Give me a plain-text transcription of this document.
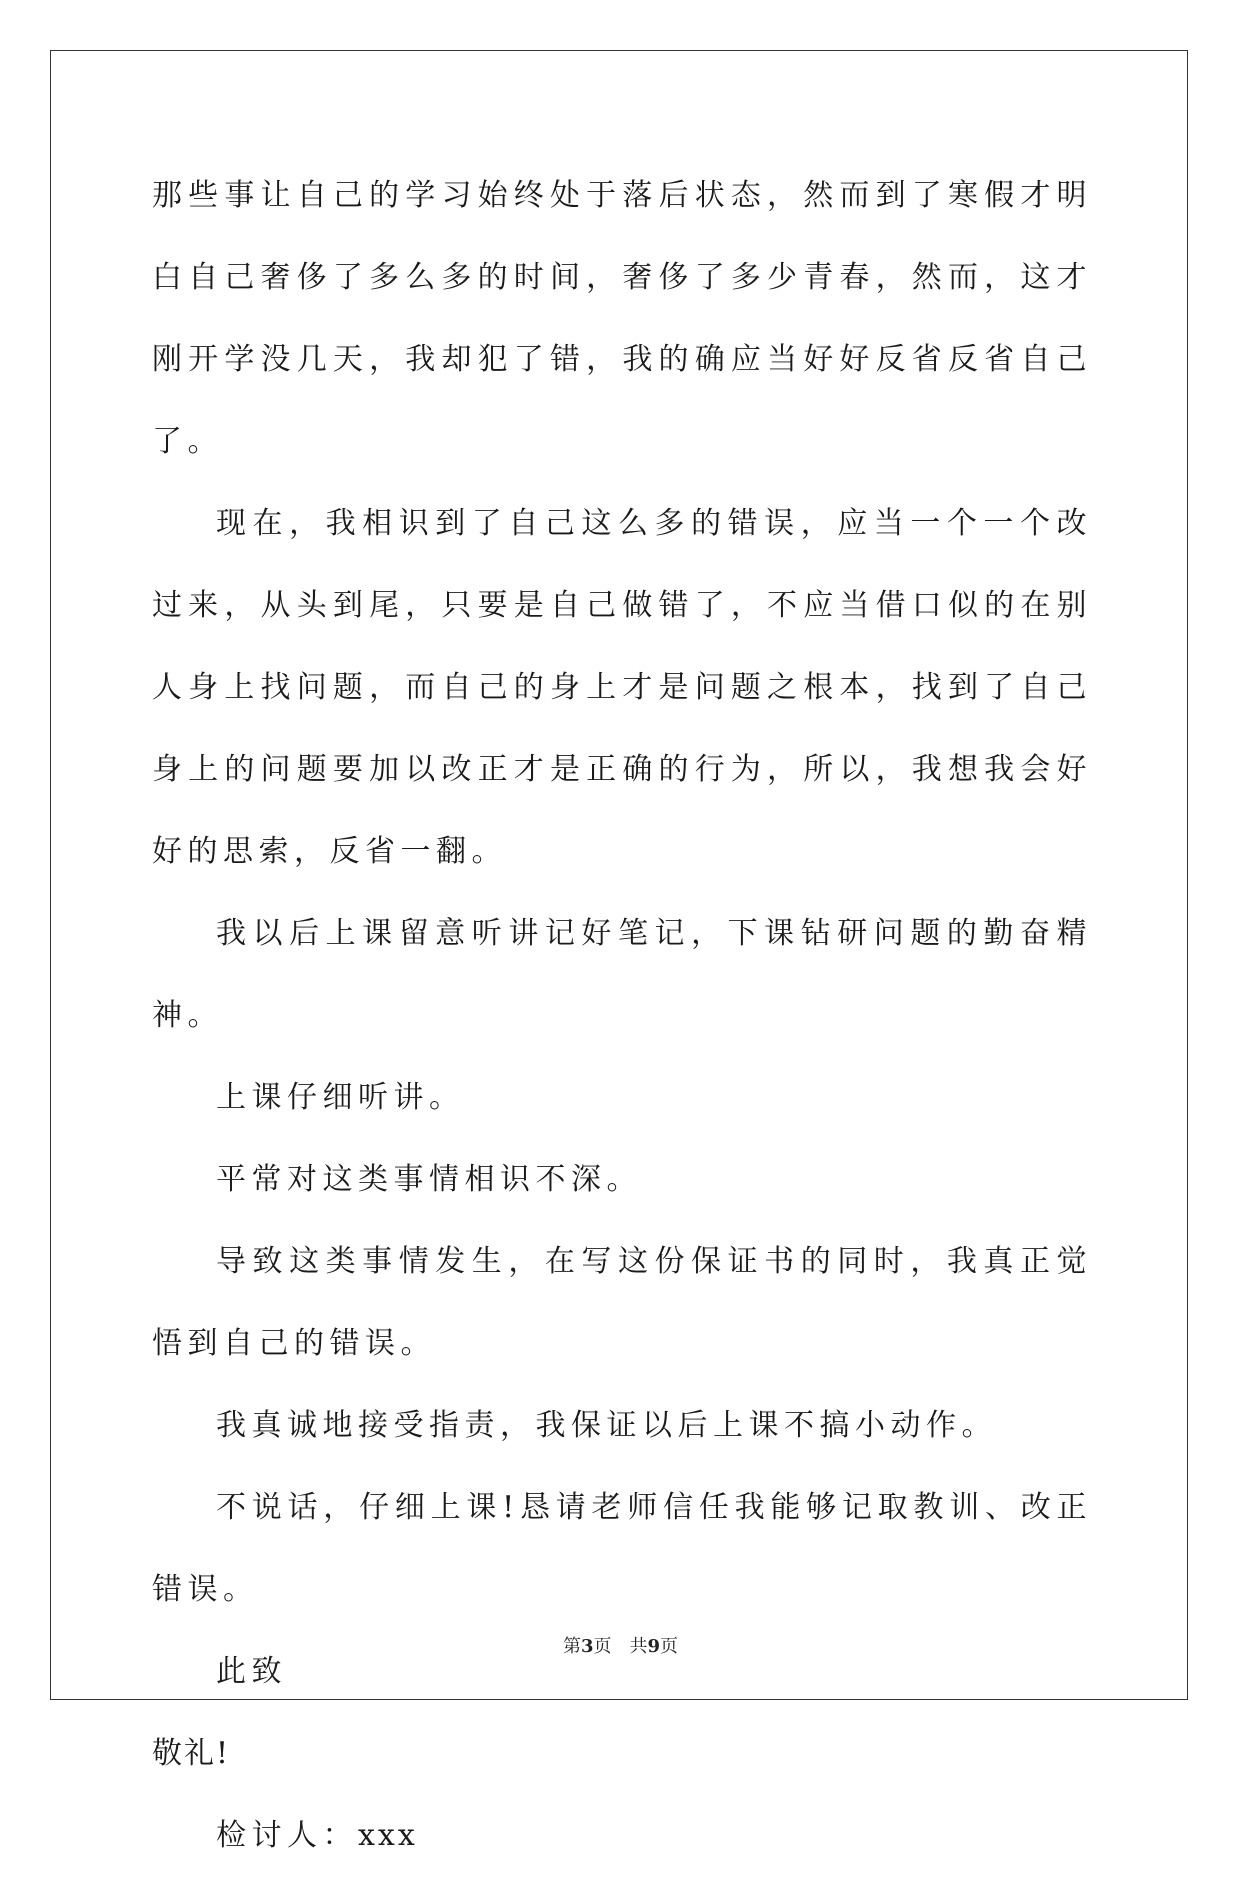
那些事让自己的学习始终处于落后状态，然而到了寒假才明白自己奢侈了多么多的时间，奢侈了多少青春，然而，这才刚开学没几天，我却犯了错，我的确应当好好反省反省自己了。

现在，我相识到了自己这么多的错误，应当一个一个改过来，从头到尾，只要是自己做错了，不应当借口似的在别人身上找问题，而自己的身上才是问题之根本，找到了自己身上的问题要加以改正才是正确的行为，所以，我想我会好好的思索，反省一翻。

我以后上课留意听讲记好笔记，下课钻研问题的勤奋精神。

上课仔细听讲。

平常对这类事情相识不深。

导致这类事情发生，在写这份保证书的同时，我真正觉悟到自己的错误。

我真诚地接受指责，我保证以后上课不搞小动作。

不说话，仔细上课!恳请老师信任我能够记取教训、改正错误。

此致

敬礼!

检讨人：xxx

第3页 共9页
